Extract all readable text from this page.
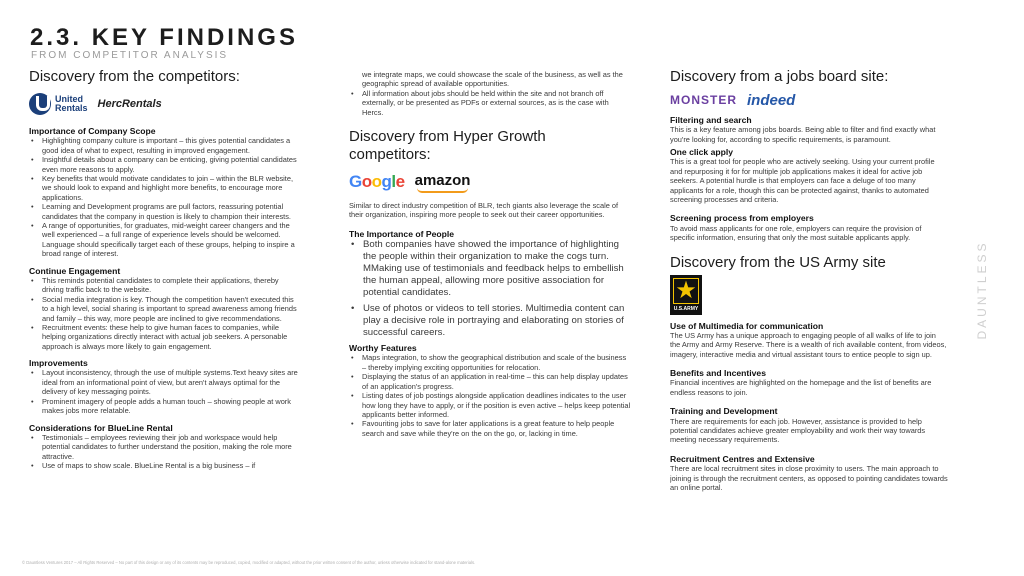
2.3. KEY FINDINGS
FROM COMPETITOR ANALYSIS
Discovery from the competitors:
United
Rentals HercRentals
Importance of Company Scope
• Highlighting company culture is important – this gives potential candidates a good idea of what to expect, resulting in improved engagement.
• Insightful details about a company can be enticing, giving potential candidates even more reasons to apply.
• Key benefits that would motivate candidates to join – within the BLR website, we should look to expand and highlight more benefits, to encourage more applications.
• Learning and Development programs are pull factors, reassuring potential candidates that the company in question is likely to champion their interests.
• A range of opportunities, for graduates, mid-weight career changers and the well experienced – a full range of experience levels should be welcomed. Language should specifically target each of these groups, helping to inspire a broad range of interest.
Continue Engagement
• This reminds potential candidates to complete their applications, thereby driving traffic back to the website.
• Social media integration is key. Though the competition haven't executed this to a high level, social sharing is important to spread awareness among friends and family – this way, more people are inclined to give recommendations.
• Recruitment events: these help to give human faces to companies, while helping organizations directly interact with actual job seekers. A personable approach is always more likely to gain engagement.
Improvements
• Layout inconsistency, through the use of multiple systems.Text heavy sites are ideal from an informational point of view, but aren't always optimal for the delivery of key messaging points.
• Prominent imagery of people adds a human touch – showing people at work makes jobs more relatable.
Considerations for BlueLine Rental
• Testimonials – employees reviewing their job and workspace would help potential candidates to further understand the position, making the role more attractive.
• Use of maps to show scale. BlueLine Rental is a big business – if
we integrate maps, we could showcase the scale of the business, as well as the geographic spread of available opportunities.
• All information about jobs should be held within the site and not branch off externally, or be presented as PDFs or external sources, as is the case with Hercs.
Discovery from Hyper Growth competitors:
Google amazon
Similar to direct industry competition of BLR, tech giants also leverage the scale of their organization, inspiring more people to seek out their career opportunities.
The Importance of People
• Both companies have showed the importance of highlighting the people within their organization to make the cogs turn. MMaking use of testimonials and feedback helps to embellish the human appeal, allowing more positive association for potential candidates.
• Use of photos or videos to tell stories. Multimedia content can play a decisive role in portraying and elaborating on stories of successful careers.
Worthy Features
• Maps integration, to show the geographical distribution and scale of the business – thereby implying exciting opportunities for relocation.
• Displaying the status of an application in real-time – this can help display updates of an application's progress.
• Listing dates of job postings alongside application deadlines indicates to the user how long they have to apply, or if the position is even active – helps keep potential applicants better informed.
• Favouriting jobs to save for later applications is a great feature to help people search and save while they're on the on the go, or, lacking in time.
Discovery from a jobs board site:
MONSTER indeed
Filtering and search
This is a key feature among jobs boards. Being able to filter and find exactly what you're looking for, according to specific requirements, is paramount.
One click apply
This is a great tool for people who are actively seeking. Using your current profile and repurposing it for for multiple job applications makes it ideal for active job seekers. A potential hurdle is that employers can face a deluge of too many applicants for a role, though this can be protected against, thanks to automated screening processes and criteria.
Screening process from employers
To avoid mass applicants for one role, employers can require the provision of specific information, ensuring that only the most suitable applicants apply.
Discovery from the US Army site
★
U.S.ARMY
Use of Multimedia for communication
The US Army has a unique approach to engaging people of all walks of life to join the Army and Army Reserve. There is a wealth of rich available content, from videos, imagery, interactive media and virtual assistant tours to entice people to sign up.
Benefits and Incentives
Financial incentives are highlighted on the homepage and the list of benefits are endless reasons to join.
Training and Development
There are requirements for each job. However, assistance is provided to help potential candidates achieve greater employability and work their way towards meeting necessary requirements.
Recruitment Centres and Extensive
There are local recruitment sites in close proximity to users. The main approach to joining is through the recruitment centers, as opposed to pointing candidates towards an online portal.
DAUNTLESS
© Dauntless Ventures 2017 – All Rights Reserved – No part of this design or any of its contents may be reproduced, copied, modified or adapted, without the prior written consent of the author, unless otherwise indicated for stand-alone materials.
